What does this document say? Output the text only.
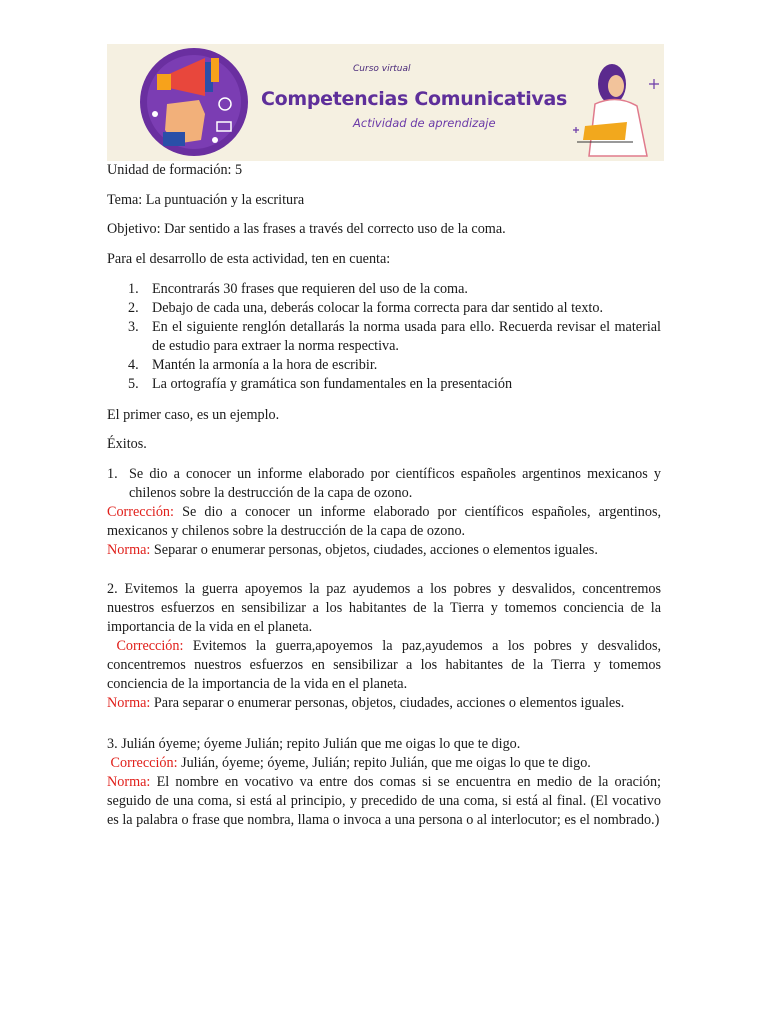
Curso virtual
Competencias Comunicativas
Actividad de aprendizaje
Unidad de formación: 5
Tema: La puntuación y la escritura
Objetivo: Dar sentido a las frases a través del correcto uso de la coma.
Para el desarrollo de esta actividad, ten en cuenta:
1. Encontrarás 30 frases que requieren del uso de la coma.
2. Debajo de cada una, deberás colocar la forma correcta para dar sentido al texto.
3. En el siguiente renglón detallarás la norma usada para ello. Recuerda revisar el material de estudio para extraer la norma respectiva.
4. Mantén la armonía a la hora de escribir.
5. La ortografía y gramática son fundamentales en la presentación
El primer caso, es un ejemplo.
Éxitos.
1. Se dio a conocer un informe elaborado por científicos españoles argentinos mexicanos y chilenos sobre la destrucción de la capa de ozono.
Corrección: Se dio a conocer un informe elaborado por científicos españoles, argentinos, mexicanos y chilenos sobre la destrucción de la capa de ozono.
Norma: Separar o enumerar personas, objetos, ciudades, acciones o elementos iguales.
2. Evitemos la guerra apoyemos la paz ayudemos a los pobres y desvalidos, concentremos nuestros esfuerzos en sensibilizar a los habitantes de la Tierra y tomemos conciencia de la importancia de la vida en el planeta.
Corrección: Evitemos la guerra,apoyemos la paz,ayudemos a los pobres y desvalidos, concentremos nuestros esfuerzos en sensibilizar a los habitantes de la Tierra y tomemos conciencia de la importancia de la vida en el planeta.
Norma: Para separar o enumerar personas, objetos, ciudades, acciones o elementos iguales.
3. Julián óyeme; óyeme Julián; repito Julián que me oigas lo que te digo.
Corrección: Julián, óyeme; óyeme, Julián; repito Julián, que me oigas lo que te digo.
Norma: El nombre en vocativo va entre dos comas si se encuentra en medio de la oración; seguido de una coma, si está al principio, y precedido de una coma, si está al final. (El vocativo es la palabra o frase que nombra, llama o invoca a una persona o al interlocutor; es el nombrado.)
